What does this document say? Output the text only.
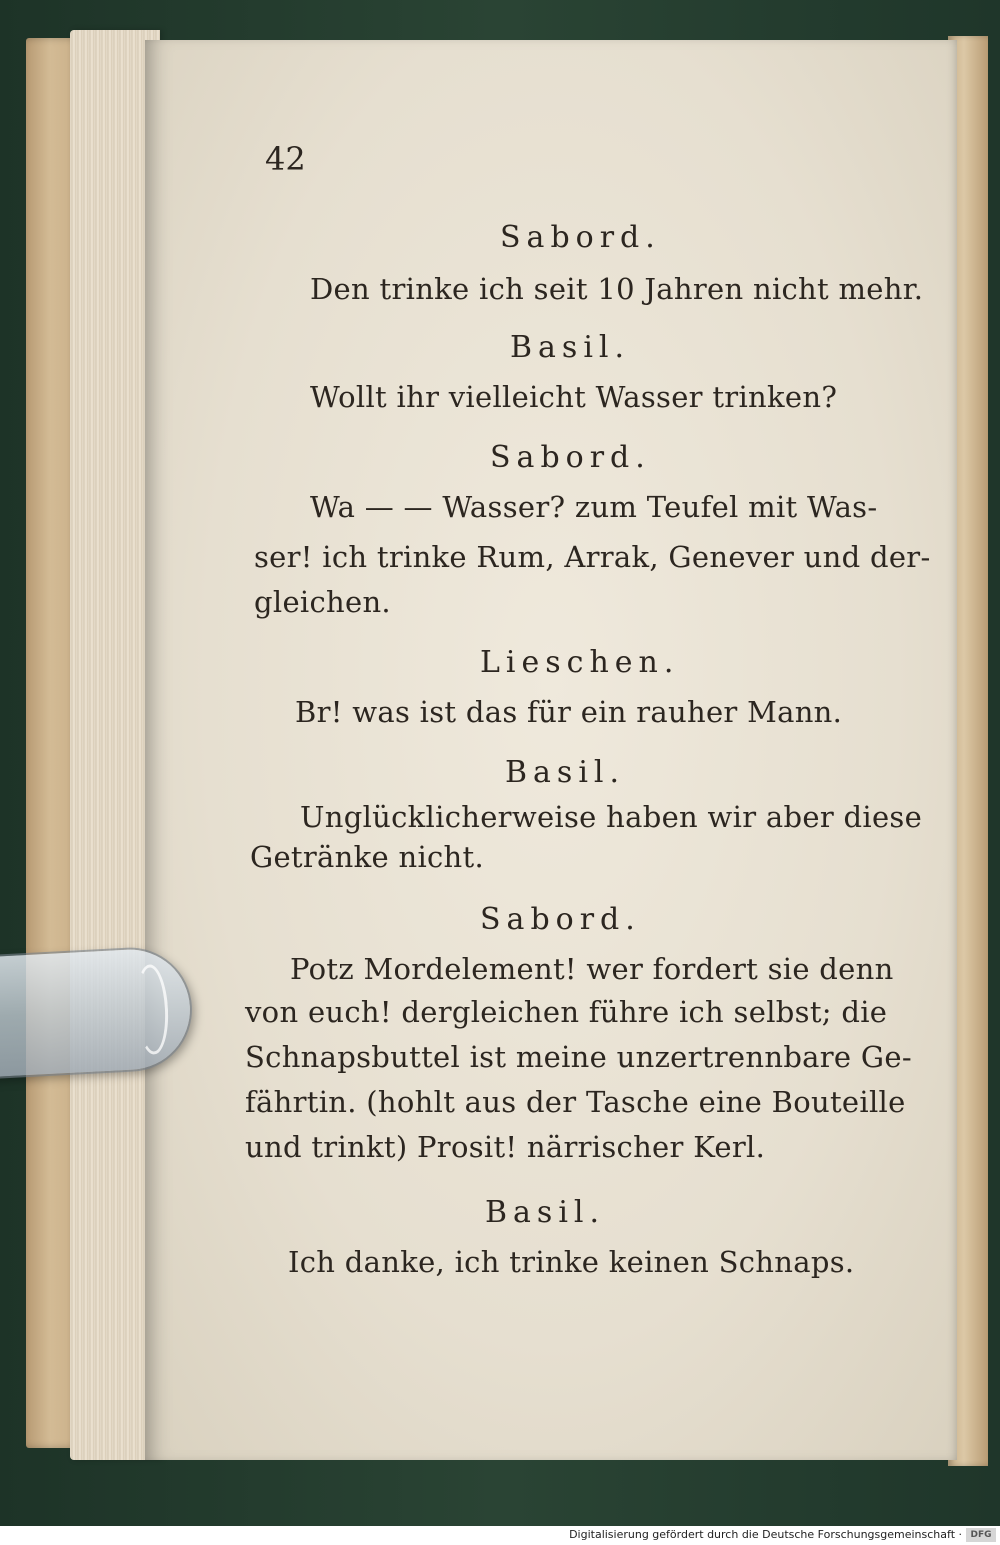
42
Sabord.
Den trinke ich seit 10 Jahren nicht mehr.
Basil.
Wollt ihr vielleicht Wasser trinken?
Sabord.
Wa — — Wasser? zum Teufel mit Was-
ser! ich trinke Rum, Arrak, Genever und der-
gleichen.
Lieschen.
Br! was ist das für ein rauher Mann.
Basil.
Unglücklicherweise haben wir aber diese
Getränke nicht.
Sabord.
Potz Mordelement! wer fordert sie denn
von euch! dergleichen führe ich selbst; die
Schnapsbuttel ist meine unzertrennbare Ge-
fährtin. (hohlt aus der Tasche eine Bouteille
und trinkt) Prosit! närrischer Kerl.
Basil.
Ich danke, ich trinke keinen Schnaps.
Digitalisierung gefördert durch die Deutsche Forschungsgemeinschaft · DFG
